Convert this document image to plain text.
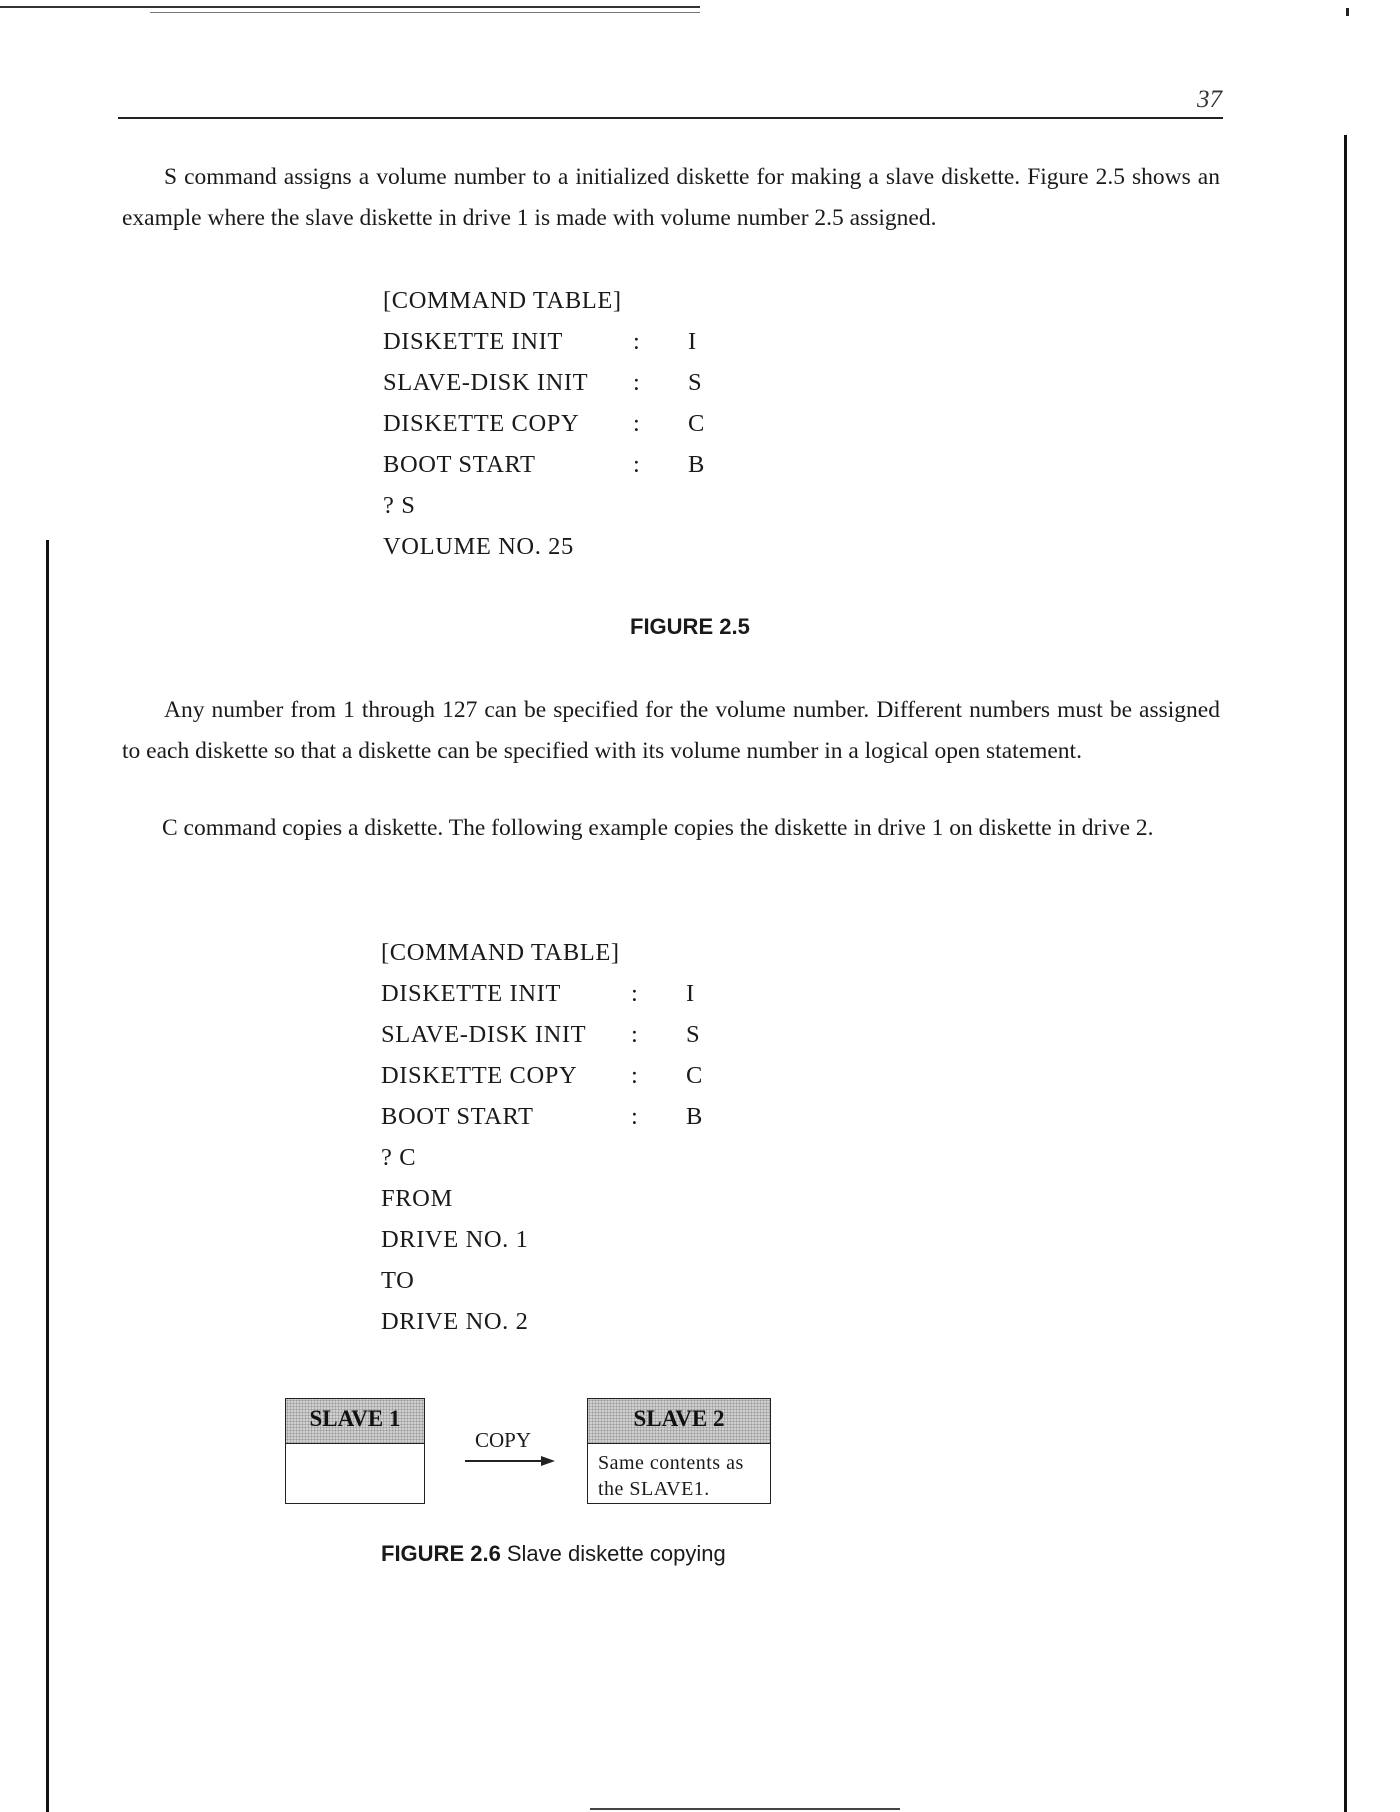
37

S command assigns a volume number to a initialized diskette for making a slave diskette. Figure 2.5 shows an example where the slave diskette in drive 1 is made with volume number 2.5 assigned.

[COMMAND TABLE]
DISKETTE INIT	: I
SLAVE-DISK INIT : S
DISKETTE COPY : C
BOOT START	: B
? S
VOLUME NO. 25
FIGURE 2.5

Any number from 1 through 127 can be specified for the volume number. Different numbers must be assigned to each diskette so that a diskette can be specified with its volume number in a logical open statement.

C command copies a diskette. The following example copies the diskette in drive 1 on diskette in drive 2.

[COMMAND TABLE]
DISKETTE INIT	: I
SLAVE-DISK INIT : S
DISKETTE COPY : C
BOOT START	: B
? C
FROM
DRIVE NO. 1
TO
DRIVE NO. 2
SLAVE 1
COPY
SLAVE 2
Same contents as
the SLAVE1.
FIGURE 2.6 Slave diskette copying
